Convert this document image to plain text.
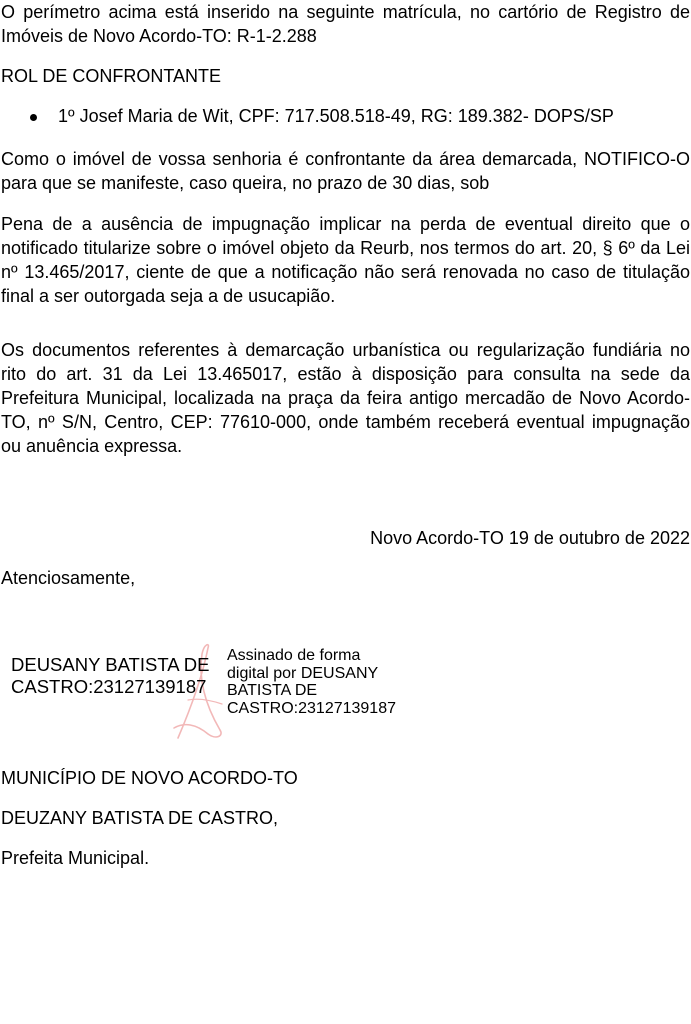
O perímetro acima está inserido na seguinte matrícula, no cartório de Registro de Imóveis de Novo Acordo-TO: R-1-2.288

ROL DE CONFRONTANTE

1º Josef Maria de Wit, CPF: 717.508.518-49, RG: 189.382- DOPS/SP

Como o imóvel de vossa senhoria é confrontante da área demarcada, NOTIFICO-O para que se manifeste, caso queira, no prazo de 30 dias, sob

Pena de a ausência de impugnação implicar na perda de eventual direito que o notificado titularize sobre o imóvel objeto da Reurb, nos termos do art. 20, § 6º da Lei nº 13.465/2017, ciente de que a notificação não será renovada no caso de titulação final a ser outorgada seja a de usucapião.

Os documentos referentes à demarcação urbanística ou regularização fundiária no rito do art. 31 da Lei 13.465017, estão à disposição para consulta na sede da Prefeitura Municipal, localizada na praça da feira antigo mercadão de Novo Acordo-TO, nº S/N, Centro, CEP: 77610-000, onde também receberá eventual impugnação ou anuência expressa.

Novo Acordo-TO 19 de outubro de 2022
Atenciosamente,
DEUSANY BATISTA DE CASTRO:23127139187
Assinado de forma
digital por DEUSANY
BATISTA DE
CASTRO:23127139187
MUNICÍPIO DE NOVO ACORDO-TO
DEUZANY BATISTA DE CASTRO,
Prefeita Municipal.
